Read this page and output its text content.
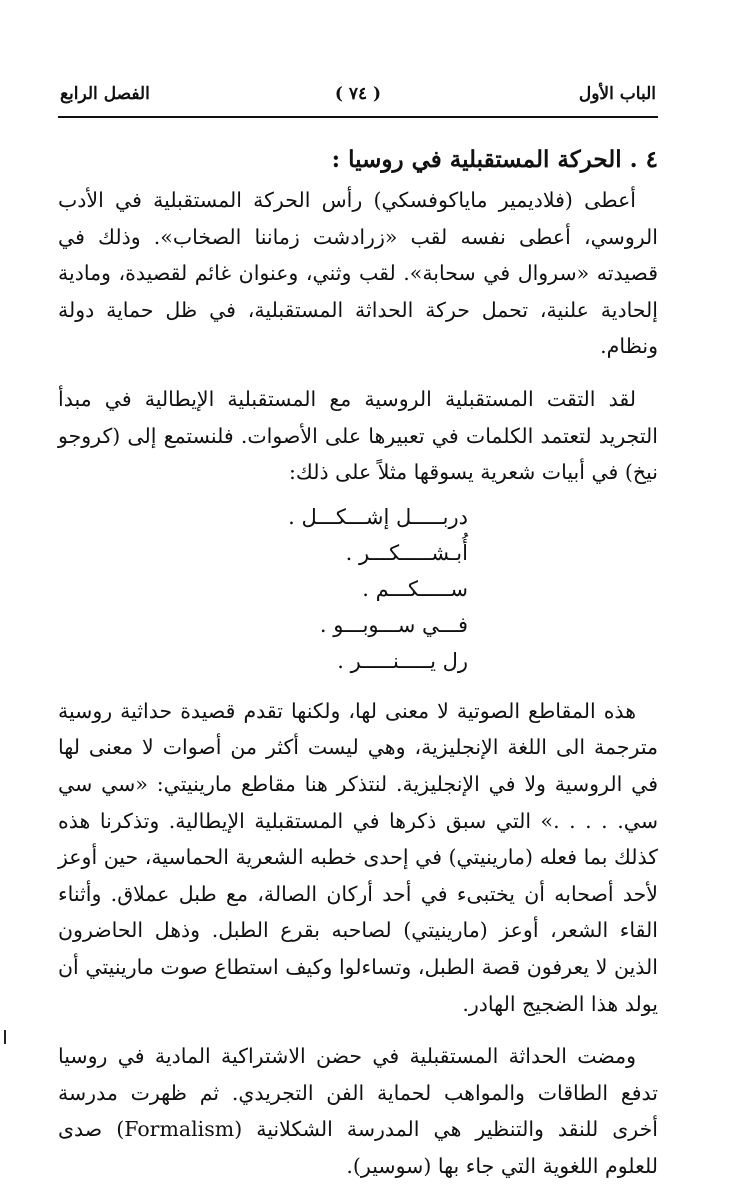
الباب الأول
( ٧٤ )
الفصل الرابع
٤ . الحركة المستقبلية في روسيا :

أعطى (فلاديمير ماياكوفسكي) رأس الحركة المستقبلية في الأدب الروسي، أعطى نفسه لقب «زرادشت زماننا الصخاب». وذلك في قصيدته «سروال في سحابة». لقب وثني، وعنوان غائم لقصيدة، ومادية إلحادية علنية، تحمل حركة الحداثة المستقبلية، في ظل حماية دولة ونظام.

لقد التقت المستقبلية الروسية مع المستقبلية الإيطالية في مبدأ التجريد لتعتمد الكلمات في تعبيرها على الأصوات. فلنستمع إلى (كروجو نيخ) في أبيات شعرية يسوقها مثلاً على ذلك:

دربـــــل إشـــكـــل .
أُبـشـــــكـــر .
ســـــكـــم .
فـــي ســـوبـــو .
رل يـــــنـــــر .

هذه المقاطع الصوتية لا معنى لها، ولكنها تقدم قصيدة حداثية روسية مترجمة الى اللغة الإنجليزية، وهي ليست أكثر من أصوات لا معنى لها في الروسية ولا في الإنجليزية. لنتذكر هنا مقاطع مارينيتي: «سي سي سي. . . . .» التي سبق ذكرها في المستقبلية الإيطالية. وتذكرنا هذه كذلك بما فعله (مارينيتي) في إحدى خطبه الشعرية الحماسية، حين أوعز لأحد أصحابه أن يختبىء في أحد أركان الصالة، مع طبل عملاق. وأثناء القاء الشعر، أوعز (مارينيتي) لصاحبه بقرع الطبل. وذهل الحاضرون الذين لا يعرفون قصة الطبل، وتساءلوا وكيف استطاع صوت مارينيتي أن يولد هذا الضجيج الهادر.

ومضت الحداثة المستقبلية في حضن الاشتراكية المادية في روسيا تدفع الطاقات والمواهب لحماية الفن التجريدي. ثم ظهرت مدرسة أخرى للنقد والتنظير هي المدرسة الشكلانية (Formalism) صدى للعلوم اللغوية التي جاء بها (سوسير).
